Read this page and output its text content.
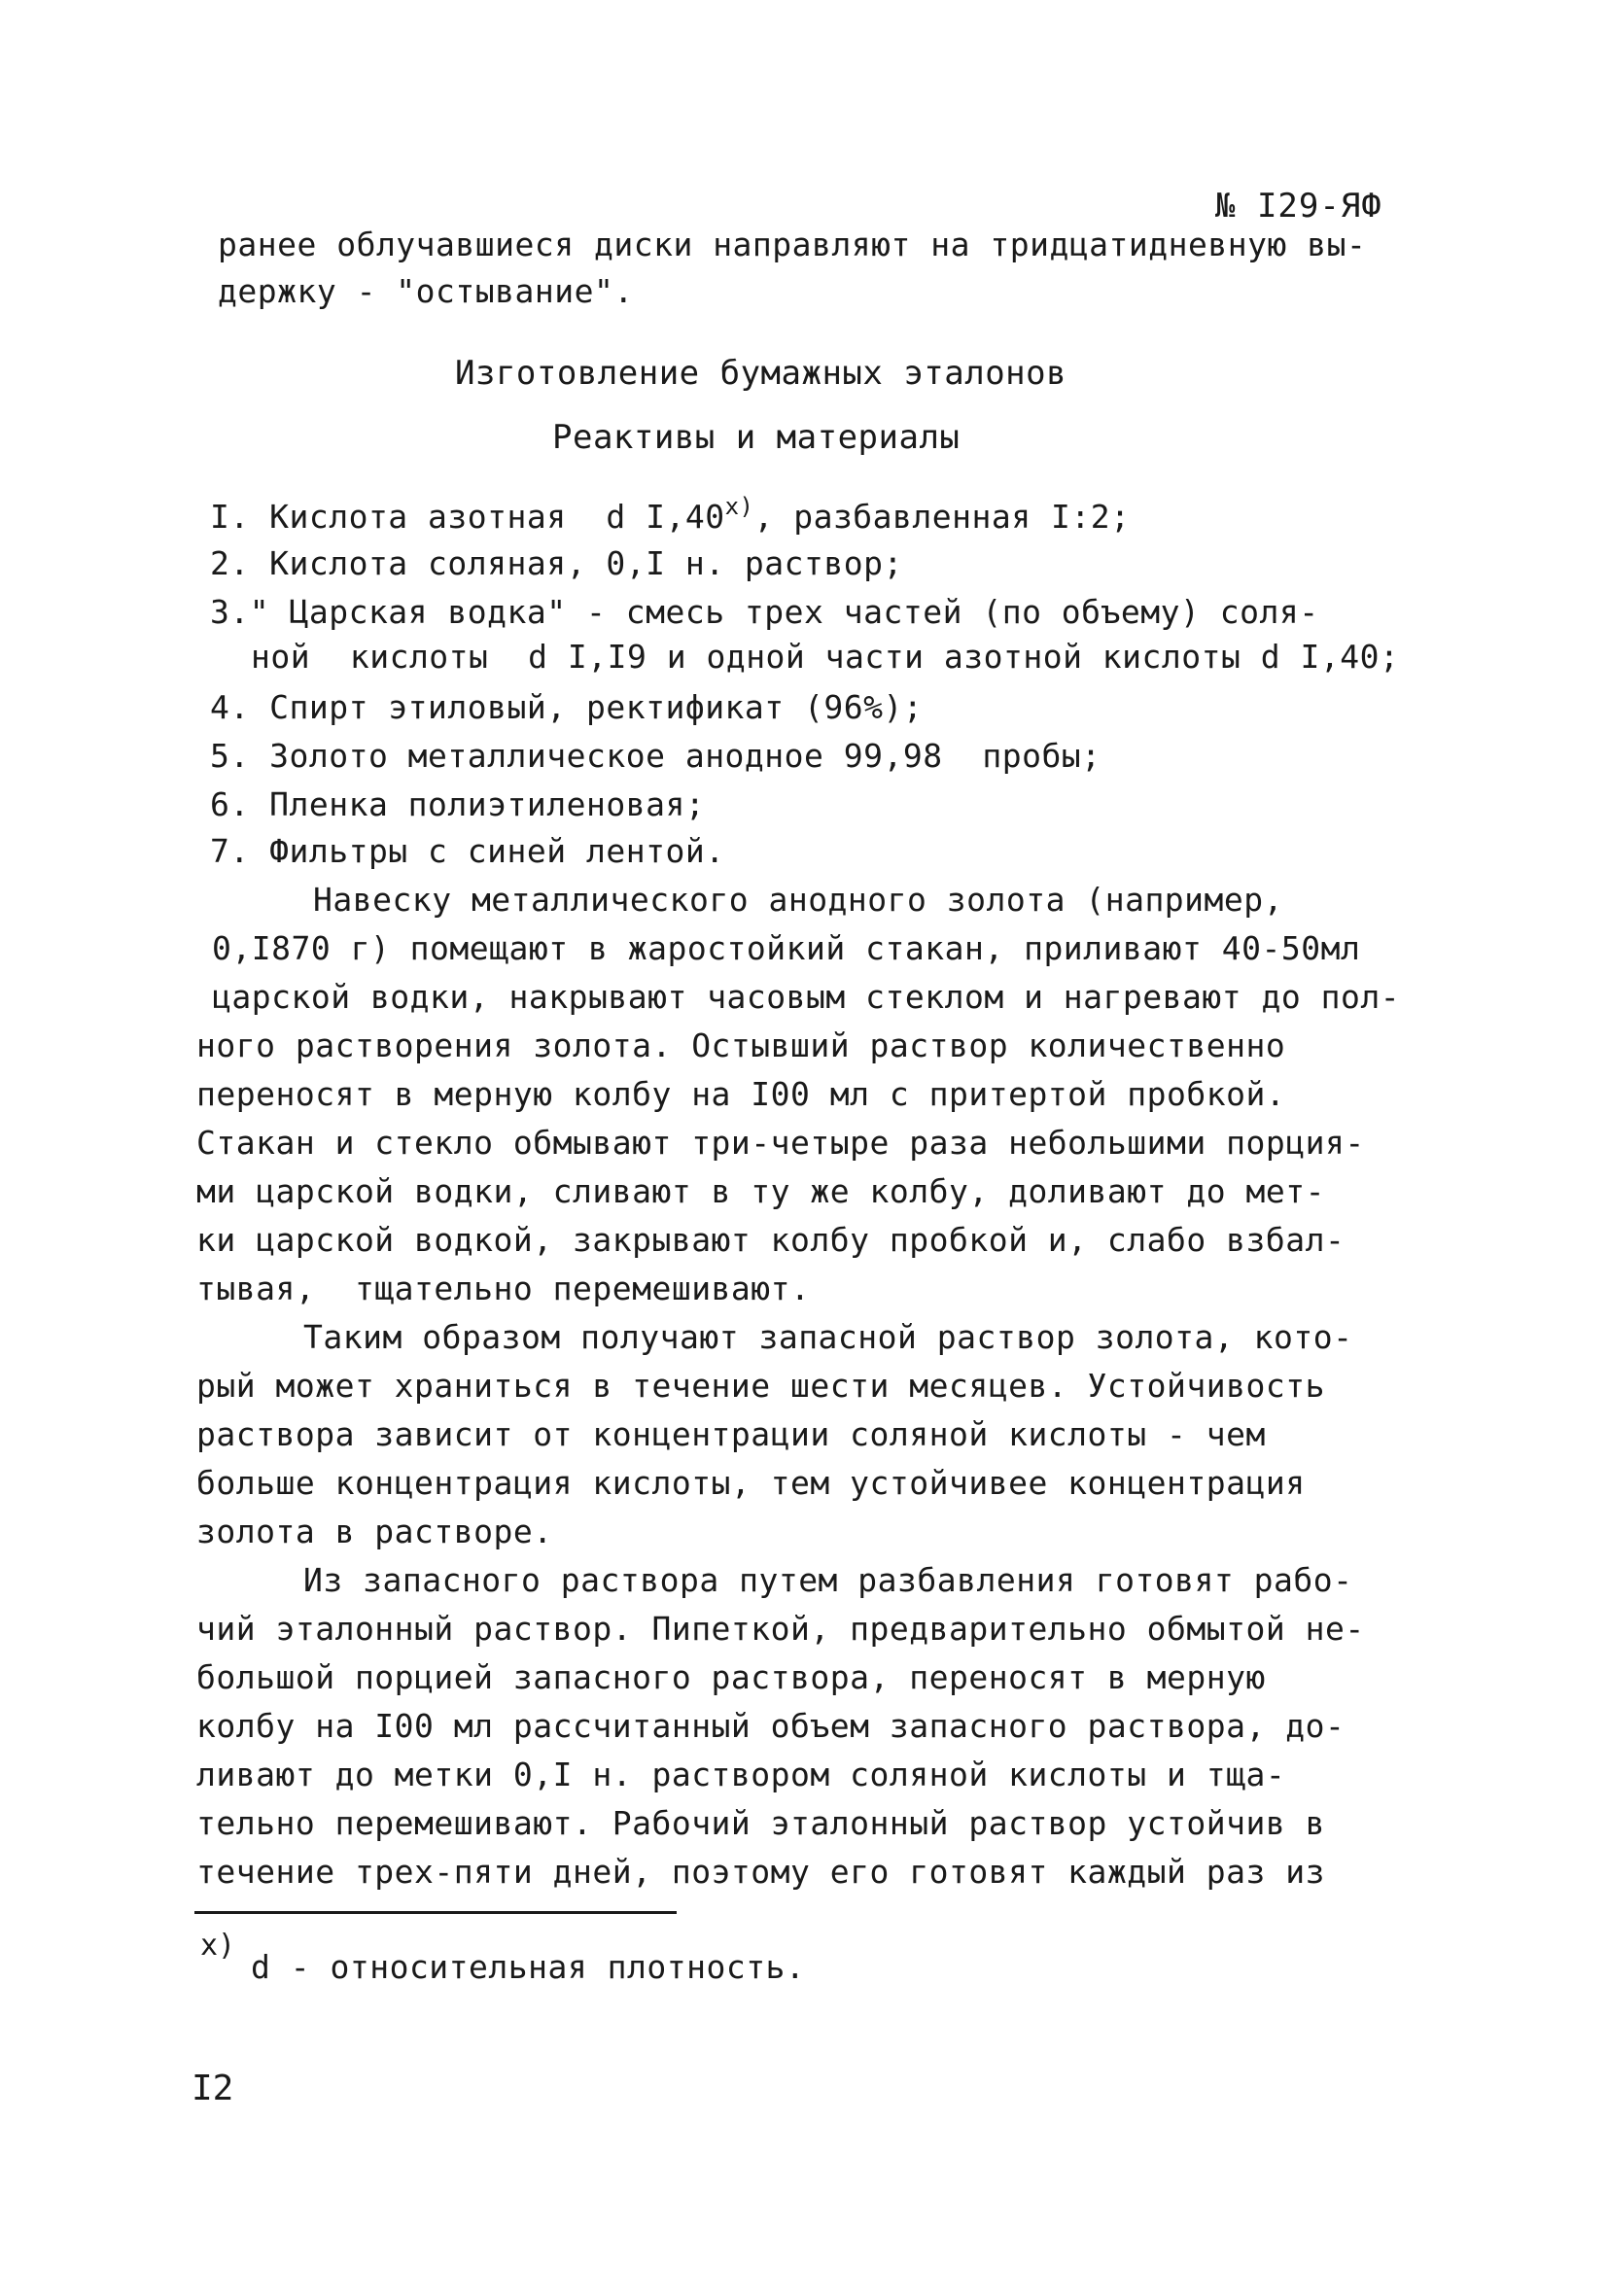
№ I29-ЯФ
ранее облучавшиеся диски направляют на тридцатидневную вы-
держку - "остывание".
Изготовление бумажных эталонов
Реактивы и материалы
I. Кислота азотная  d I,40$^{x)}$, разбавленная I:2;
2. Кислота соляная, 0,I н. раствор;
3." Царская водка" - смесь трех частей (по объему) соля-
ной  кислоты  d I,I9 и одной части азотной кислоты d I,40;
4. Спирт этиловый, ректификат (96%);
5. Золото металлическое анодное 99,98  пробы;
6. Пленка полиэтиленовая;
7. Фильтры с синей лентой.
Навеску металлического анодного золота (например,
0,I870 г) помещают в жаростойкий стакан, приливают 40-50мл
царской водки, накрывают часовым стеклом и нагревают до пол-
ного растворения золота. Остывший раствор количественно
переносят в мерную колбу на I00 мл с притертой пробкой.
Стакан и стекло обмывают три-четыре раза небольшими порция-
ми царской водки, сливают в ту же колбу, доливают до мет-
ки царской водкой, закрывают колбу пробкой и, слабо взбал-
тывая,  тщательно перемешивают.
Таким образом получают запасной раствор золота, кото-
рый может храниться в течение шести месяцев. Устойчивость
раствора зависит от концентрации соляной кислоты - чем
больше концентрация кислоты, тем устойчивее концентрация
золота в растворе.
Из запасного раствора путем разбавления готовят рабо-
чий эталонный раствор. Пипеткой, предварительно обмытой не-
большой порцией запасного раствора, переносят в мерную
колбу на I00 мл рассчитанный объем запасного раствора, до-
ливают до метки 0,I н. раствором соляной кислоты и тща-
тельно перемешивают. Рабочий эталонный раствор устойчив в
течение трех-пяти дней, поэтому его готовят каждый раз из
x)
d - относительная плотность.
I2
